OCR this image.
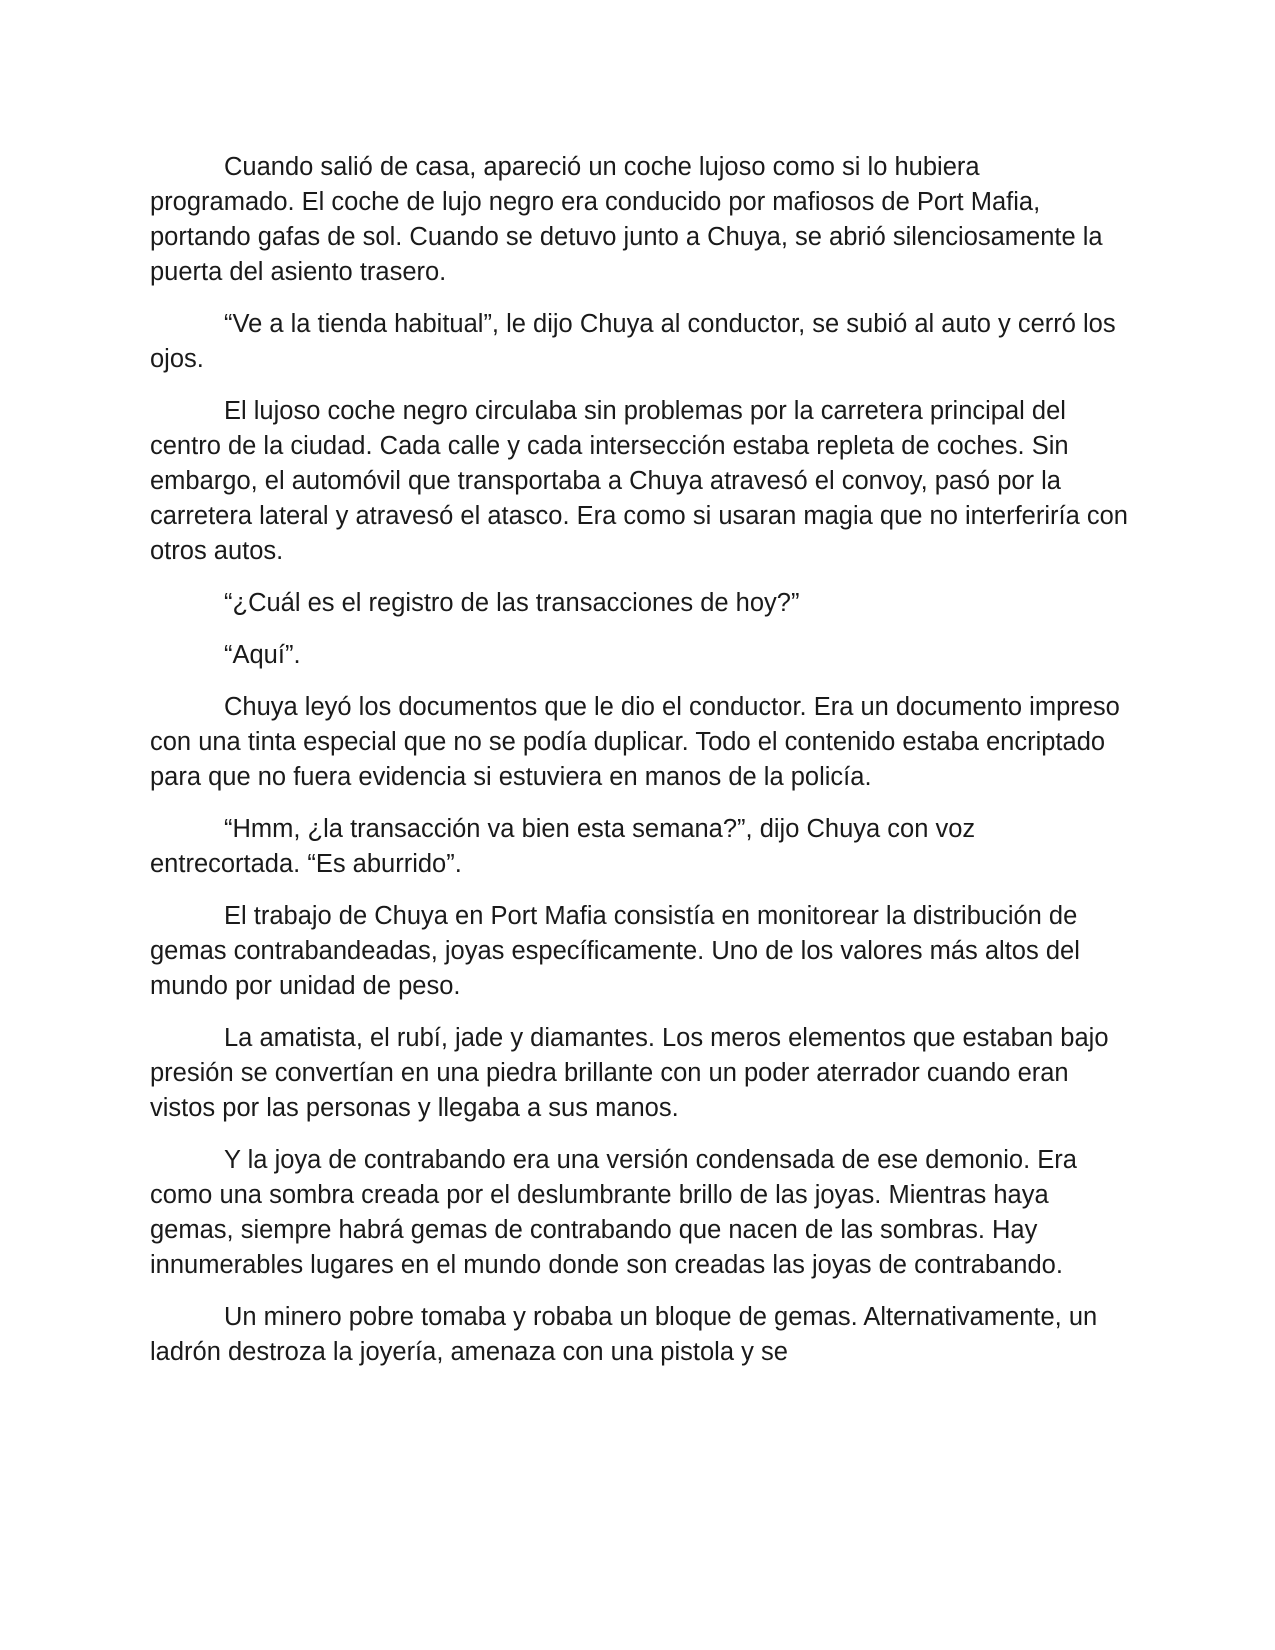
Cuando salió de casa, apareció un coche lujoso como si lo hubiera programado. El coche de lujo negro era conducido por mafiosos de Port Mafia, portando gafas de sol. Cuando se detuvo junto a Chuya, se abrió silenciosamente la puerta del asiento trasero.

“Ve a la tienda habitual”, le dijo Chuya al conductor, se subió al auto y cerró los ojos.

El lujoso coche negro circulaba sin problemas por la carretera principal del centro de la ciudad. Cada calle y cada intersección estaba repleta de coches. Sin embargo, el automóvil que transportaba a Chuya atravesó el convoy, pasó por la carretera lateral y atravesó el atasco. Era como si usaran magia que no interferiría con otros autos.

“¿Cuál es el registro de las transacciones de hoy?”

“Aquí”.

Chuya leyó los documentos que le dio el conductor. Era un documento impreso con una tinta especial que no se podía duplicar. Todo el contenido estaba encriptado para que no fuera evidencia si estuviera en manos de la policía.

“Hmm, ¿la transacción va bien esta semana?”, dijo Chuya con voz entrecortada. “Es aburrido”.

El trabajo de Chuya en Port Mafia consistía en monitorear la distribución de gemas contrabandeadas, joyas específicamente. Uno de los valores más altos del mundo por unidad de peso.

La amatista, el rubí, jade y diamantes. Los meros elementos que estaban bajo presión se convertían en una piedra brillante con un poder aterrador cuando eran vistos por las personas y llegaba a sus manos.

Y la joya de contrabando era una versión condensada de ese demonio. Era como una sombra creada por el deslumbrante brillo de las joyas. Mientras haya gemas, siempre habrá gemas de contrabando que nacen de las sombras. Hay innumerables lugares en el mundo donde son creadas las joyas de contrabando.

Un minero pobre tomaba y robaba un bloque de gemas. Alternativamente, un ladrón destroza la joyería, amenaza con una pistola y se
